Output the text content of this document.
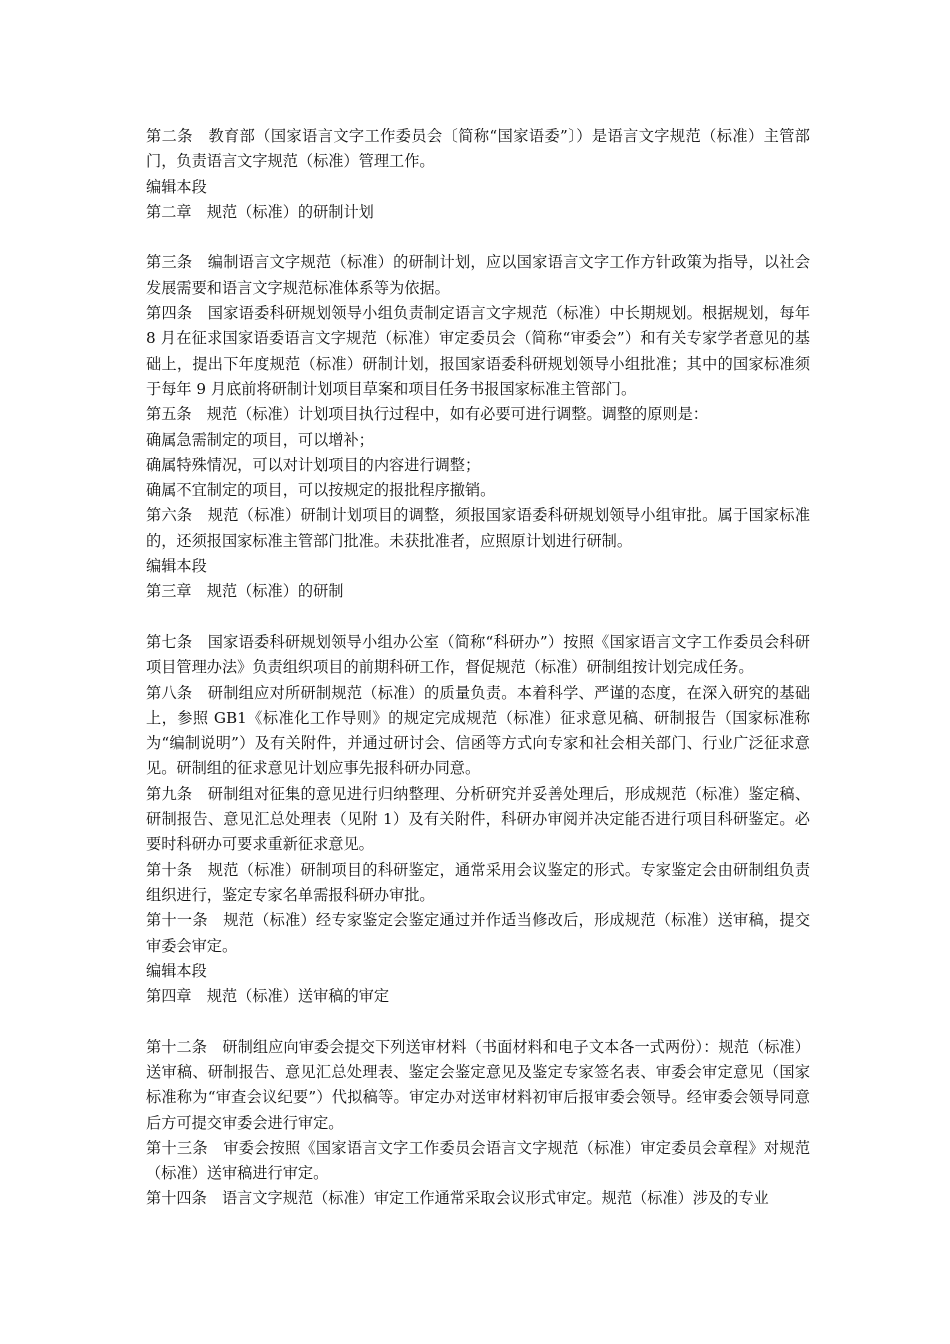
第二条　教育部（国家语言文字工作委员会〔简称“国家语委”〕）是语言文字规范（标准）主管部门，负责语言文字规范（标准）管理工作。

编辑本段

第二章　规范（标准）的研制计划

第三条　编制语言文字规范（标准）的研制计划，应以国家语言文字工作方针政策为指导，以社会发展需要和语言文字规范标准体系等为依据。

第四条　国家语委科研规划领导小组负责制定语言文字规范（标准）中长期规划。根据规划，每年 8 月在征求国家语委语言文字规范（标准）审定委员会（简称“审委会”）和有关专家学者意见的基础上，提出下年度规范（标准）研制计划，报国家语委科研规划领导小组批准；其中的国家标准须于每年 9 月底前将研制计划项目草案和项目任务书报国家标准主管部门。

第五条　规范（标准）计划项目执行过程中，如有必要可进行调整。调整的原则是：

确属急需制定的项目，可以增补；

确属特殊情况，可以对计划项目的内容进行调整；

确属不宜制定的项目，可以按规定的报批程序撤销。

第六条　规范（标准）研制计划项目的调整，须报国家语委科研规划领导小组审批。属于国家标准的，还须报国家标准主管部门批准。未获批准者，应照原计划进行研制。

编辑本段

第三章　规范（标准）的研制

第七条　国家语委科研规划领导小组办公室（简称“科研办”）按照《国家语言文字工作委员会科研项目管理办法》负责组织项目的前期科研工作，督促规范（标准）研制组按计划完成任务。

第八条　研制组应对所研制规范（标准）的质量负责。本着科学、严谨的态度，在深入研究的基础上，参照 GB1《标准化工作导则》的规定完成规范（标准）征求意见稿、研制报告（国家标准称为“编制说明”）及有关附件，并通过研讨会、信函等方式向专家和社会相关部门、行业广泛征求意见。研制组的征求意见计划应事先报科研办同意。

第九条　研制组对征集的意见进行归纳整理、分析研究并妥善处理后，形成规范（标准）鉴定稿、研制报告、意见汇总处理表（见附 1）及有关附件，科研办审阅并决定能否进行项目科研鉴定。必要时科研办可要求重新征求意见。

第十条　规范（标准）研制项目的科研鉴定，通常采用会议鉴定的形式。专家鉴定会由研制组负责组织进行，鉴定专家名单需报科研办审批。

第十一条　规范（标准）经专家鉴定会鉴定通过并作适当修改后，形成规范（标准）送审稿，提交审委会审定。

编辑本段

第四章　规范（标准）送审稿的审定

第十二条　研制组应向审委会提交下列送审材料（书面材料和电子文本各一式两份）：规范（标准）送审稿、研制报告、意见汇总处理表、鉴定会鉴定意见及鉴定专家签名表、审委会审定意见（国家标准称为“审查会议纪要”）代拟稿等。审定办对送审材料初审后报审委会领导。经审委会领导同意后方可提交审委会进行审定。

第十三条　审委会按照《国家语言文字工作委员会语言文字规范（标准）审定委员会章程》对规范（标准）送审稿进行审定。

第十四条　语言文字规范（标准）审定工作通常采取会议形式审定。规范（标准）涉及的专业
